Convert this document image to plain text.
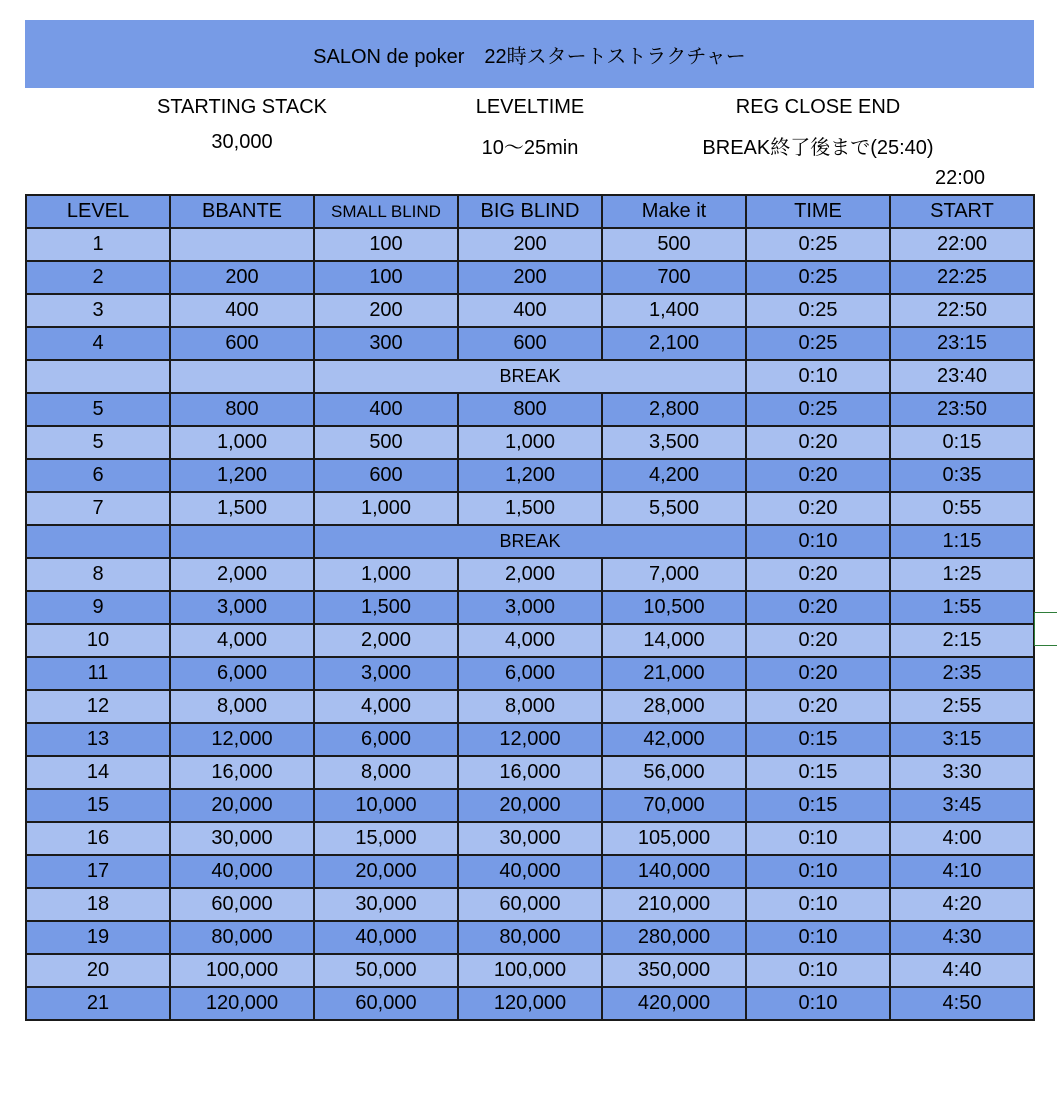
SALON de poker　22時スタートストラクチャー
STARTING STACK
30,000
LEVELTIME
10〜25min
REG CLOSE END
BREAK終了後まで(25:40)
22:00
LEVEL	BBANTE	SMALL BLIND	BIG BLIND	Make it	TIME	START
1		100	200	500	0:25	22:00
2	200	100	200	700	0:25	22:25
3	400	200	400	1,400	0:25	22:50
4	600	300	600	2,100	0:25	23:15
		BREAK			0:10	23:40
5	800	400	800	2,800	0:25	23:50
5	1,000	500	1,000	3,500	0:20	0:15
6	1,200	600	1,200	4,200	0:20	0:35
7	1,500	1,000	1,500	5,500	0:20	0:55
		BREAK			0:10	1:15
8	2,000	1,000	2,000	7,000	0:20	1:25
9	3,000	1,500	3,000	10,500	0:20	1:55
10	4,000	2,000	4,000	14,000	0:20	2:15
11	6,000	3,000	6,000	21,000	0:20	2:35
12	8,000	4,000	8,000	28,000	0:20	2:55
13	12,000	6,000	12,000	42,000	0:15	3:15
14	16,000	8,000	16,000	56,000	0:15	3:30
15	20,000	10,000	20,000	70,000	0:15	3:45
16	30,000	15,000	30,000	105,000	0:10	4:00
17	40,000	20,000	40,000	140,000	0:10	4:10
18	60,000	30,000	60,000	210,000	0:10	4:20
19	80,000	40,000	80,000	280,000	0:10	4:30
20	100,000	50,000	100,000	350,000	0:10	4:40
21	120,000	60,000	120,000	420,000	0:10	4:50
